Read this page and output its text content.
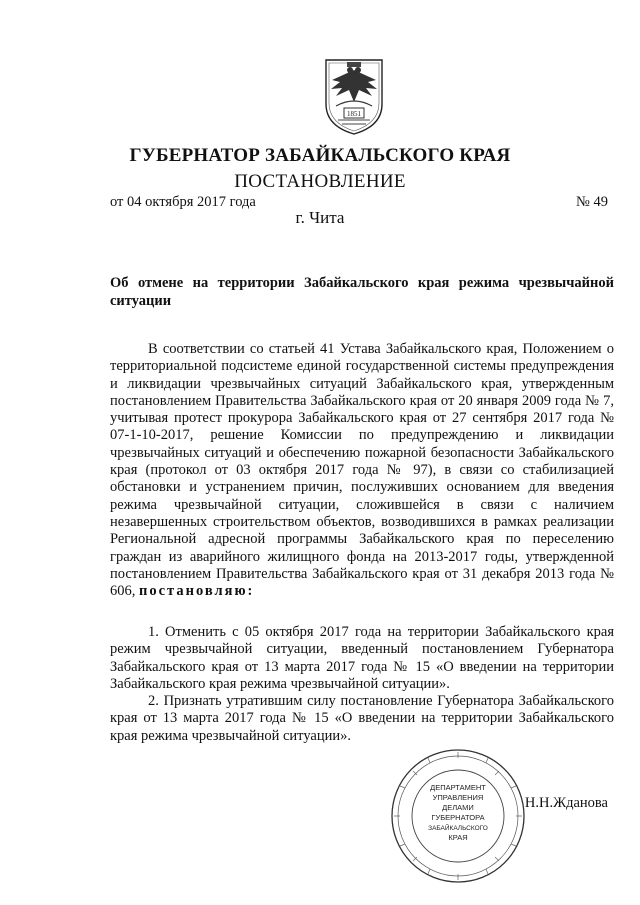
1851
ГУБЕРНАТОР ЗАБАЙКАЛЬСКОГО КРАЯ
ПОСТАНОВЛЕНИЕ
от 04 октября 2017 года	№ 49
г. Чита
Об отмене на территории Забайкальского края режима чрезвычайной ситуации

В соответствии со статьей 41 Устава Забайкальского края, Положением о территориальной подсистеме единой государственной системы предупреждения и ликвидации чрезвычайных ситуаций Забайкальского края, утвержденным постановлением Правительства Забайкальского края от 20 января 2009 года № 7, учитывая протест прокурора Забайкальского края от 27 сентября 2017 года № 07-1-10-2017, решение Комиссии по предупреждению и ликвидации чрезвычайных ситуаций и обеспечению пожарной безопасности Забайкальского края (протокол от 03 октября 2017 года № 97), в связи со стабилизацией обстановки и устранением причин, послуживших основанием для введения режима чрезвычайной ситуации, сложившейся в связи с наличием незавершенных строительством объектов, возводившихся в рамках реализации Региональной адресной программы Забайкальского края по переселению граждан из аварийного жилищного фонда на 2013-2017 годы, утвержденной постановлением Правительства Забайкальского края от 31 декабря 2013 года № 606, постановляю:

1. Отменить с 05 октября 2017 года на территории Забайкальского края режим чрезвычайной ситуации, введенный постановлением Губернатора Забайкальского края от 13 марта 2017 года № 15 «О введении на территории Забайкальского края режима чрезвычайной ситуации».

2. Признать утратившим силу постановление Губернатора Забайкальского края от 13 марта 2017 года № 15 «О введении на территории Забайкальского края режима чрезвычайной ситуации».

ДЕПАРТАМЕНТ
УПРАВЛЕНИЯ
ДЕЛАМИ
ГУБЕРНАТОРА
ЗАБАЙКАЛЬСКОГО
КРАЯ
Н.Н.Жданова
